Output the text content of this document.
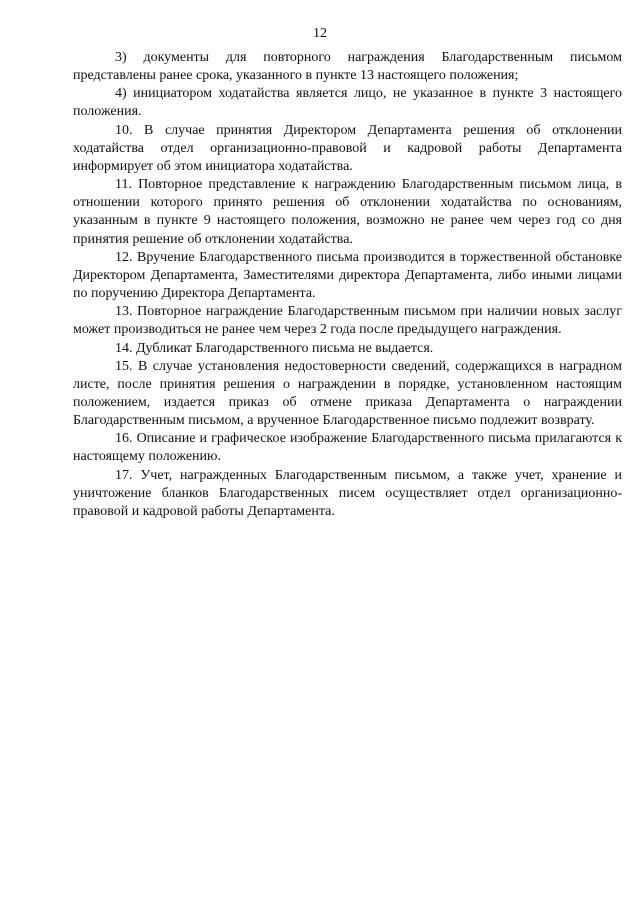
12

3) документы для повторного награждения Благодарственным письмом представлены ранее срока, указанного в пункте 13 настоящего положения;

4) инициатором ходатайства является лицо, не указанное в пункте 3 настоящего положения.

10. В случае принятия Директором Департамента решения об отклонении ходатайства отдел организационно-правовой и кадровой работы Департамента информирует об этом инициатора ходатайства.

11. Повторное представление к награждению Благодарственным письмом лица, в отношении которого принято решения об отклонении ходатайства по основаниям, указанным в пункте 9 настоящего положения, возможно не ранее чем через год со дня принятия решение об отклонении ходатайства.

12. Вручение Благодарственного письма производится в торжественной обстановке Директором Департамента, Заместителями директора Департамента, либо иными лицами по поручению Директора Департамента.

13. Повторное награждение Благодарственным письмом при наличии новых заслуг может производиться не ранее чем через 2 года после предыдущего награждения.

14. Дубликат Благодарственного письма не выдается.

15. В случае установления недостоверности сведений, содержащихся в наградном листе, после принятия решения о награждении в порядке, установленном настоящим положением, издается приказ об отмене приказа Департамента о награждении Благодарственным письмом, а врученное Благодарственное письмо подлежит возврату.

16. Описание и графическое изображение Благодарственного письма прилагаются к настоящему положению.

17. Учет, награжденных Благодарственным письмом, а также учет, хранение и уничтожение бланков Благодарственных писем осуществляет отдел организационно-правовой и кадровой работы Департамента.
